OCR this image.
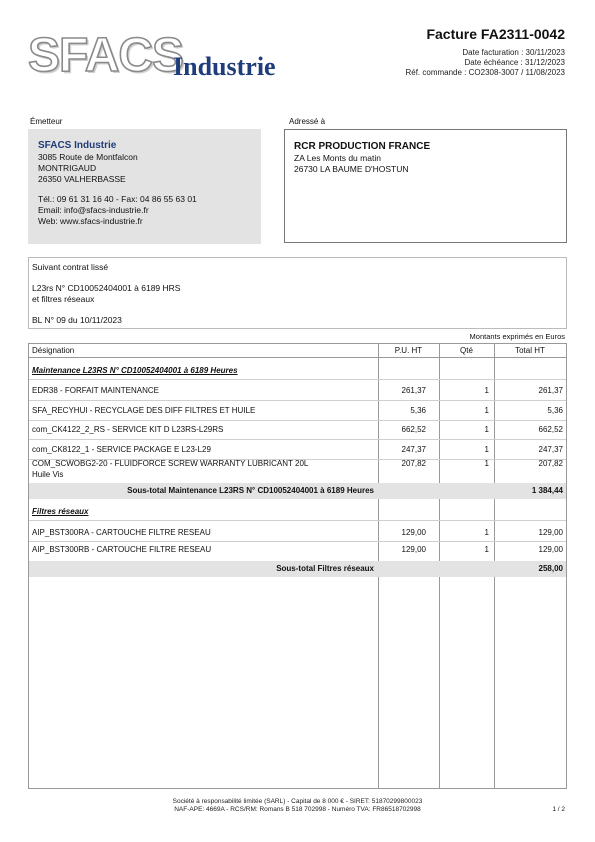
SFACS
Industrie
Facture FA2311-0042
Date facturation : 30/11/2023
Date échéance : 31/12/2023
Réf. commande : CO2308-3007 / 11/08/2023
Émetteur	Adressé à
SFACS Industrie
3085 Route de Montfalcon
MONTRIGAUD
26350 VALHERBASSE
Tél.: 09 61 31 16 40 - Fax: 04 86 55 63 01
Email: info@sfacs-industrie.fr
Web: www.sfacs-industrie.fr
RCR PRODUCTION FRANCE
ZA Les Monts du matin
26730 LA BAUME D'HOSTUN
Suivant contrat lissé

L23rs N° CD10052404001 à 6189 HRS
et filtres réseaux

BL N° 09 du 10/11/2023
Montants exprimés en Euros
Désignation	P.U. HT	Qté	Total HT
Maintenance L23RS N° CD10052404001 à 6189 Heures
EDR38 - FORFAIT MAINTENANCE	261,37	1	261,37
SFA_RECYHUI - RECYCLAGE DES DIFF FILTRES ET HUILE	5,36	1	5,36
com_CK4122_2_RS - SERVICE KIT D L23RS-L29RS	662,52	1	662,52
com_CK8122_1 - SERVICE PACKAGE E L23-L29	247,37	1	247,37
COM_SCWOBG2-20 - FLUIDFORCE SCREW WARRANTY LUBRICANT 20L
Huile Vis
207,82	1	207,82
Sous-total Maintenance L23RS N° CD10052404001 à 6189 Heures	1 384,44
Filtres réseaux
AIP_BST300RA - CARTOUCHE FILTRE RESEAU	129,00	1	129,00
AIP_BST300RB - CARTOUCHE FILTRE RESEAU	129,00	1	129,00
Sous-total Filtres réseaux	258,00
Société à responsabilité limitée (SARL) - Capital de 8 000 € - SIRET: 51870299800023
NAF-APE: 4669A - RCS/RM: Romans B 518 702998 - Numéro TVA: FR86518702998	1 / 2
